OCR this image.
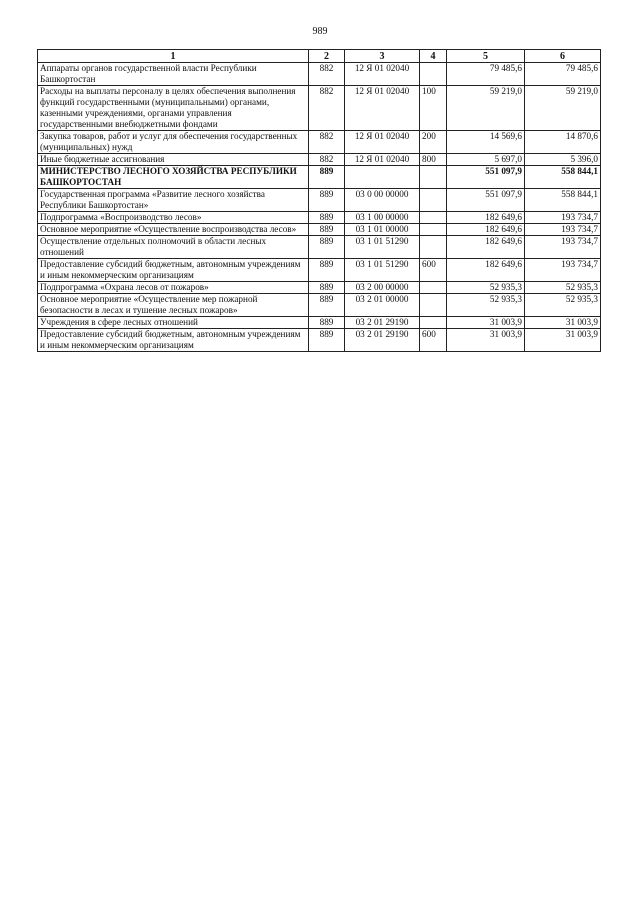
989
1	2	3	4	5	6
Аппараты органов государственной власти Республики Башкортостан	882	12 Я 01 02040		79 485,6	79 485,6
Расходы на выплаты персоналу в целях обеспечения выполнения функций государственными (муниципальными) органами, казенными учреждениями, органами управления государственными внебюджетными фондами	882	12 Я 01 02040	100	59 219,0	59 219,0
Закупка товаров, работ и услуг для обеспечения государственных (муниципальных) нужд	882	12 Я 01 02040	200	14 569,6	14 870,6
Иные бюджетные ассигнования	882	12 Я 01 02040	800	5 697,0	5 396,0
МИНИСТЕРСТВО ЛЕСНОГО ХОЗЯЙСТВА РЕСПУБЛИКИ БАШКОРТОСТАН	889			551 097,9	558 844,1
Государственная программа «Развитие лесного хозяйства Республики Башкортостан»	889	03 0 00 00000		551 097,9	558 844,1
Подпрограмма «Воспроизводство лесов»	889	03 1 00 00000		182 649,6	193 734,7
Основное мероприятие «Осуществление воспроизводства лесов»	889	03 1 01 00000		182 649,6	193 734,7
Осуществление отдельных полномочий в области лесных отношений	889	03 1 01 51290		182 649,6	193 734,7
Предоставление субсидий бюджетным, автономным учреждениям и иным некоммерческим организациям	889	03 1 01 51290	600	182 649,6	193 734,7
Подпрограмма «Охрана лесов от пожаров»	889	03 2 00 00000		52 935,3	52 935,3
Основное мероприятие «Осуществление мер пожарной безопасности в лесах и тушение лесных пожаров»	889	03 2 01 00000		52 935,3	52 935,3
Учреждения в сфере лесных отношений	889	03 2 01 29190		31 003,9	31 003,9
Предоставление субсидий бюджетным, автономным учреждениям и иным некоммерческим организациям	889	03 2 01 29190	600	31 003,9	31 003,9
